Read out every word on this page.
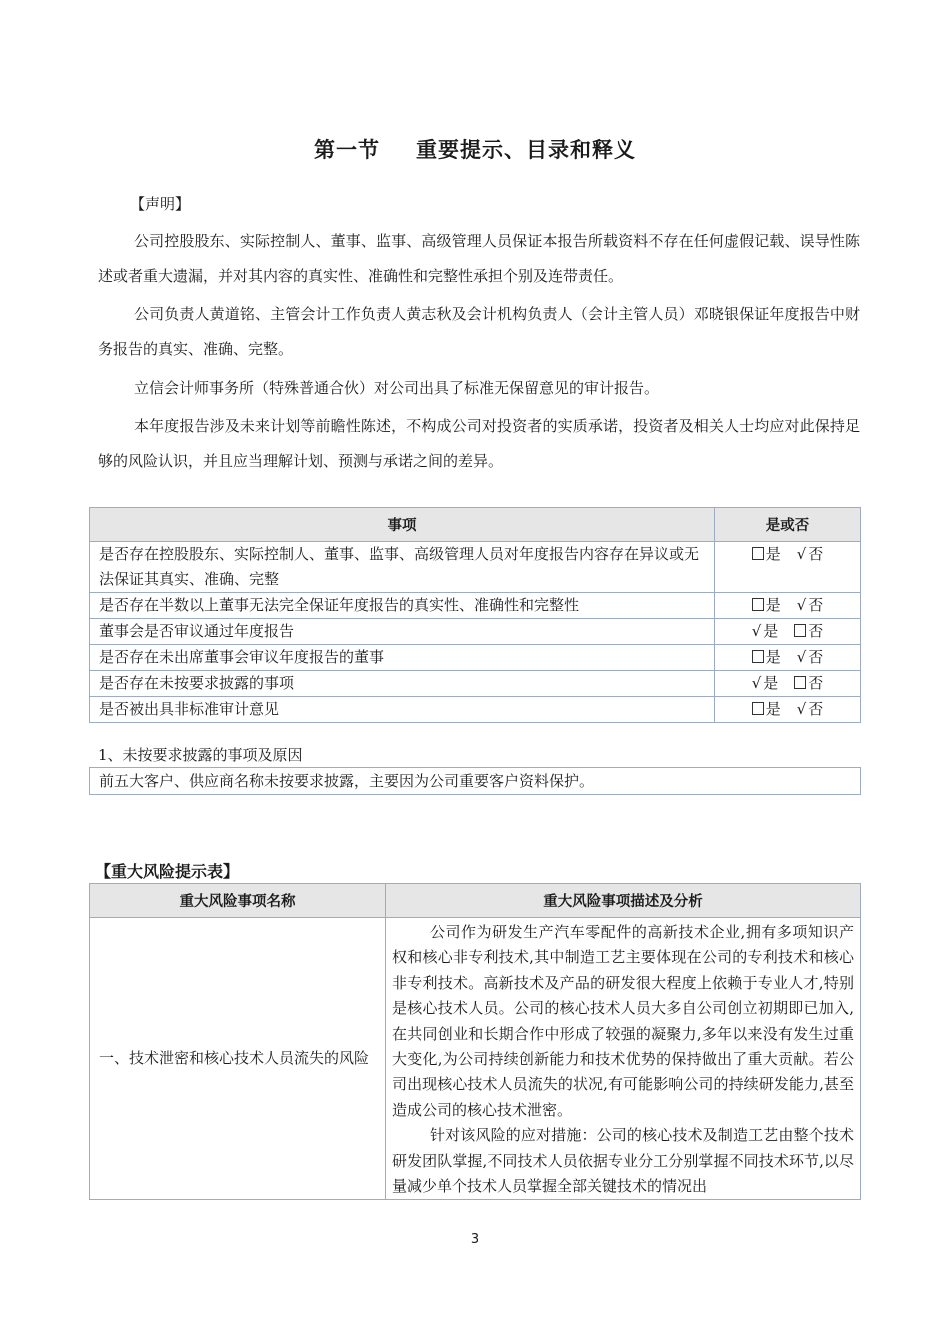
第一节 重要提示、目录和释义
【声明】

公司控股股东、实际控制人、董事、监事、高级管理人员保证本报告所载资料不存在任何虚假记载、误导性陈述或者重大遗漏，并对其内容的真实性、准确性和完整性承担个别及连带责任。

公司负责人黄道铭、主管会计工作负责人黄志秋及会计机构负责人（会计主管人员）邓晓银保证年度报告中财务报告的真实、准确、完整。

立信会计师事务所（特殊普通合伙）对公司出具了标准无保留意见的审计报告。

本年度报告涉及未来计划等前瞻性陈述，不构成公司对投资者的实质承诺，投资者及相关人士均应对此保持足够的风险认识，并且应当理解计划、预测与承诺之间的差异。

事项	是或否
是否存在控股股东、实际控制人、董事、监事、高级管理人员对年度报告内容存在异议或无法保证其真实、准确、完整	是 √ 否
是否存在半数以上董事无法完全保证年度报告的真实性、准确性和完整性	是 √ 否
董事会是否审议通过年度报告	√ 是 否
是否存在未出席董事会审议年度报告的董事	是 √ 否
是否存在未按要求披露的事项	√ 是 否
是否被出具非标准审计意见	是 √ 否
1、未按要求披露的事项及原因
前五大客户、供应商名称未按要求披露，主要因为公司重要客户资料保护。
【重大风险提示表】
重大风险事项名称	重大风险事项描述及分析
一、技术泄密和核心技术人员流失的风险	公司作为研发生产汽车零配件的高新技术企业,拥有多项知识产权和核心非专利技术,其中制造工艺主要体现在公司的专利技术和核心非专利技术。高新技术及产品的研发很大程度上依赖于专业人才,特别是核心技术人员。公司的核心技术人员大多自公司创立初期即已加入,在共同创业和长期合作中形成了较强的凝聚力,多年以来没有发生过重大变化,为公司持续创新能力和技术优势的保持做出了重大贡献。若公司出现核心技术人员流失的状况,有可能影响公司的持续研发能力,甚至造成公司的核心技术泄密。

针对该风险的应对措施：公司的核心技术及制造工艺由整个技术研发团队掌握,不同技术人员依据专业分工分别掌握不同技术环节,以尽量减少单个技术人员掌握全部关键技术的情况出

3
